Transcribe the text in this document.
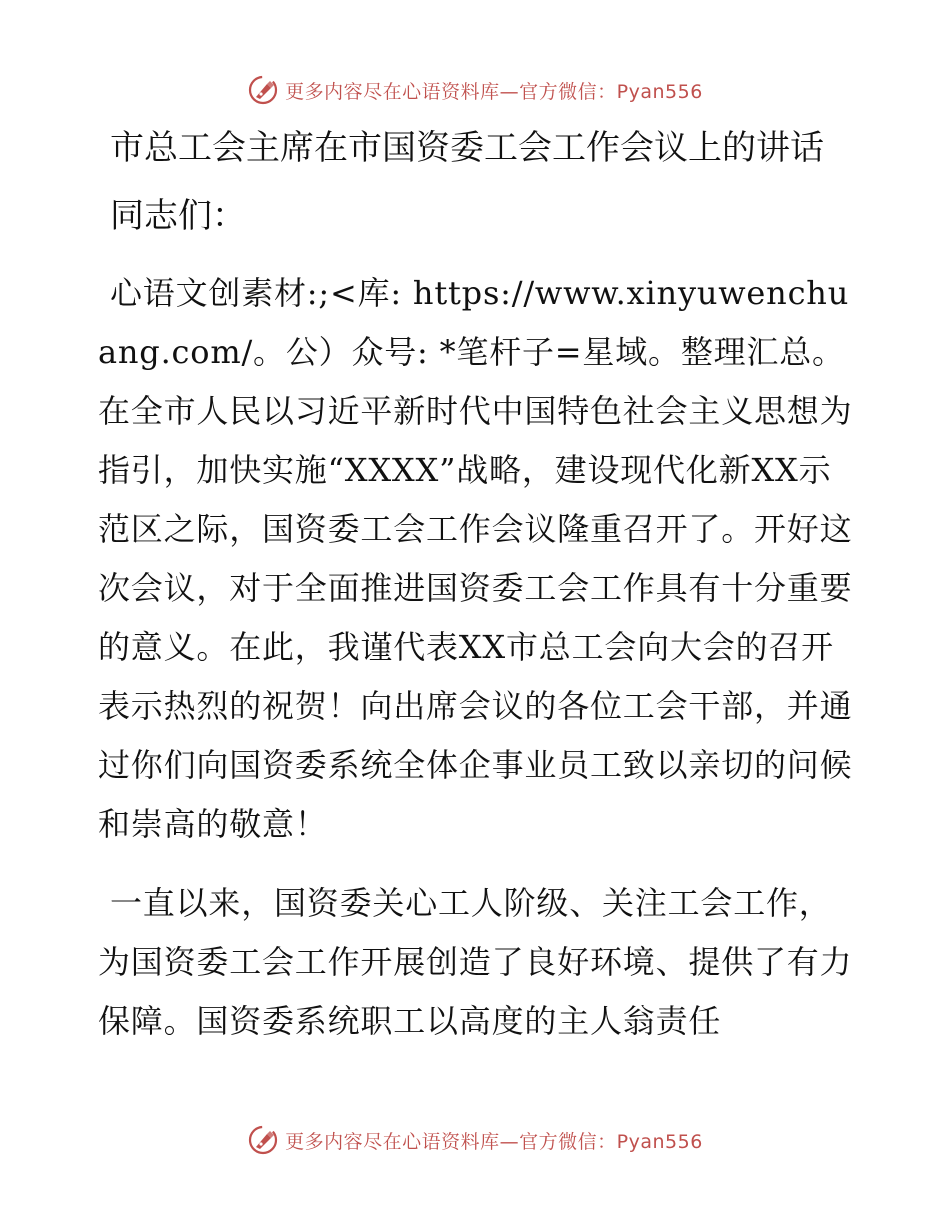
更多内容尽在心语资料库—官方微信：Pyan556
市总工会主席在市国资委工会工作会议上的讲话
同志们：
心语文创素材:;<库: https://www.xinyuwenchuang.com/。公）众号: *笔杆子=星域。整理汇总。在全市人民以习近平新时代中国特色社会主义思想为指引，加快实施“XXXX”战略，建设现代化新XX示范区之际，国资委工会工作会议隆重召开了。开好这次会议，对于全面推进国资委工会工作具有十分重要的意义。在此，我谨代表XX市总工会向大会的召开表示热烈的祝贺！向出席会议的各位工会干部，并通过你们向国资委系统全体企事业员工致以亲切的问候和崇高的敬意！
一直以来，国资委关心工人阶级、关注工会工作，为国资委工会工作开展创造了良好环境、提供了有力保障。国资委系统职工以高度的主人翁责任
更多内容尽在心语资料库—官方微信：Pyan556
